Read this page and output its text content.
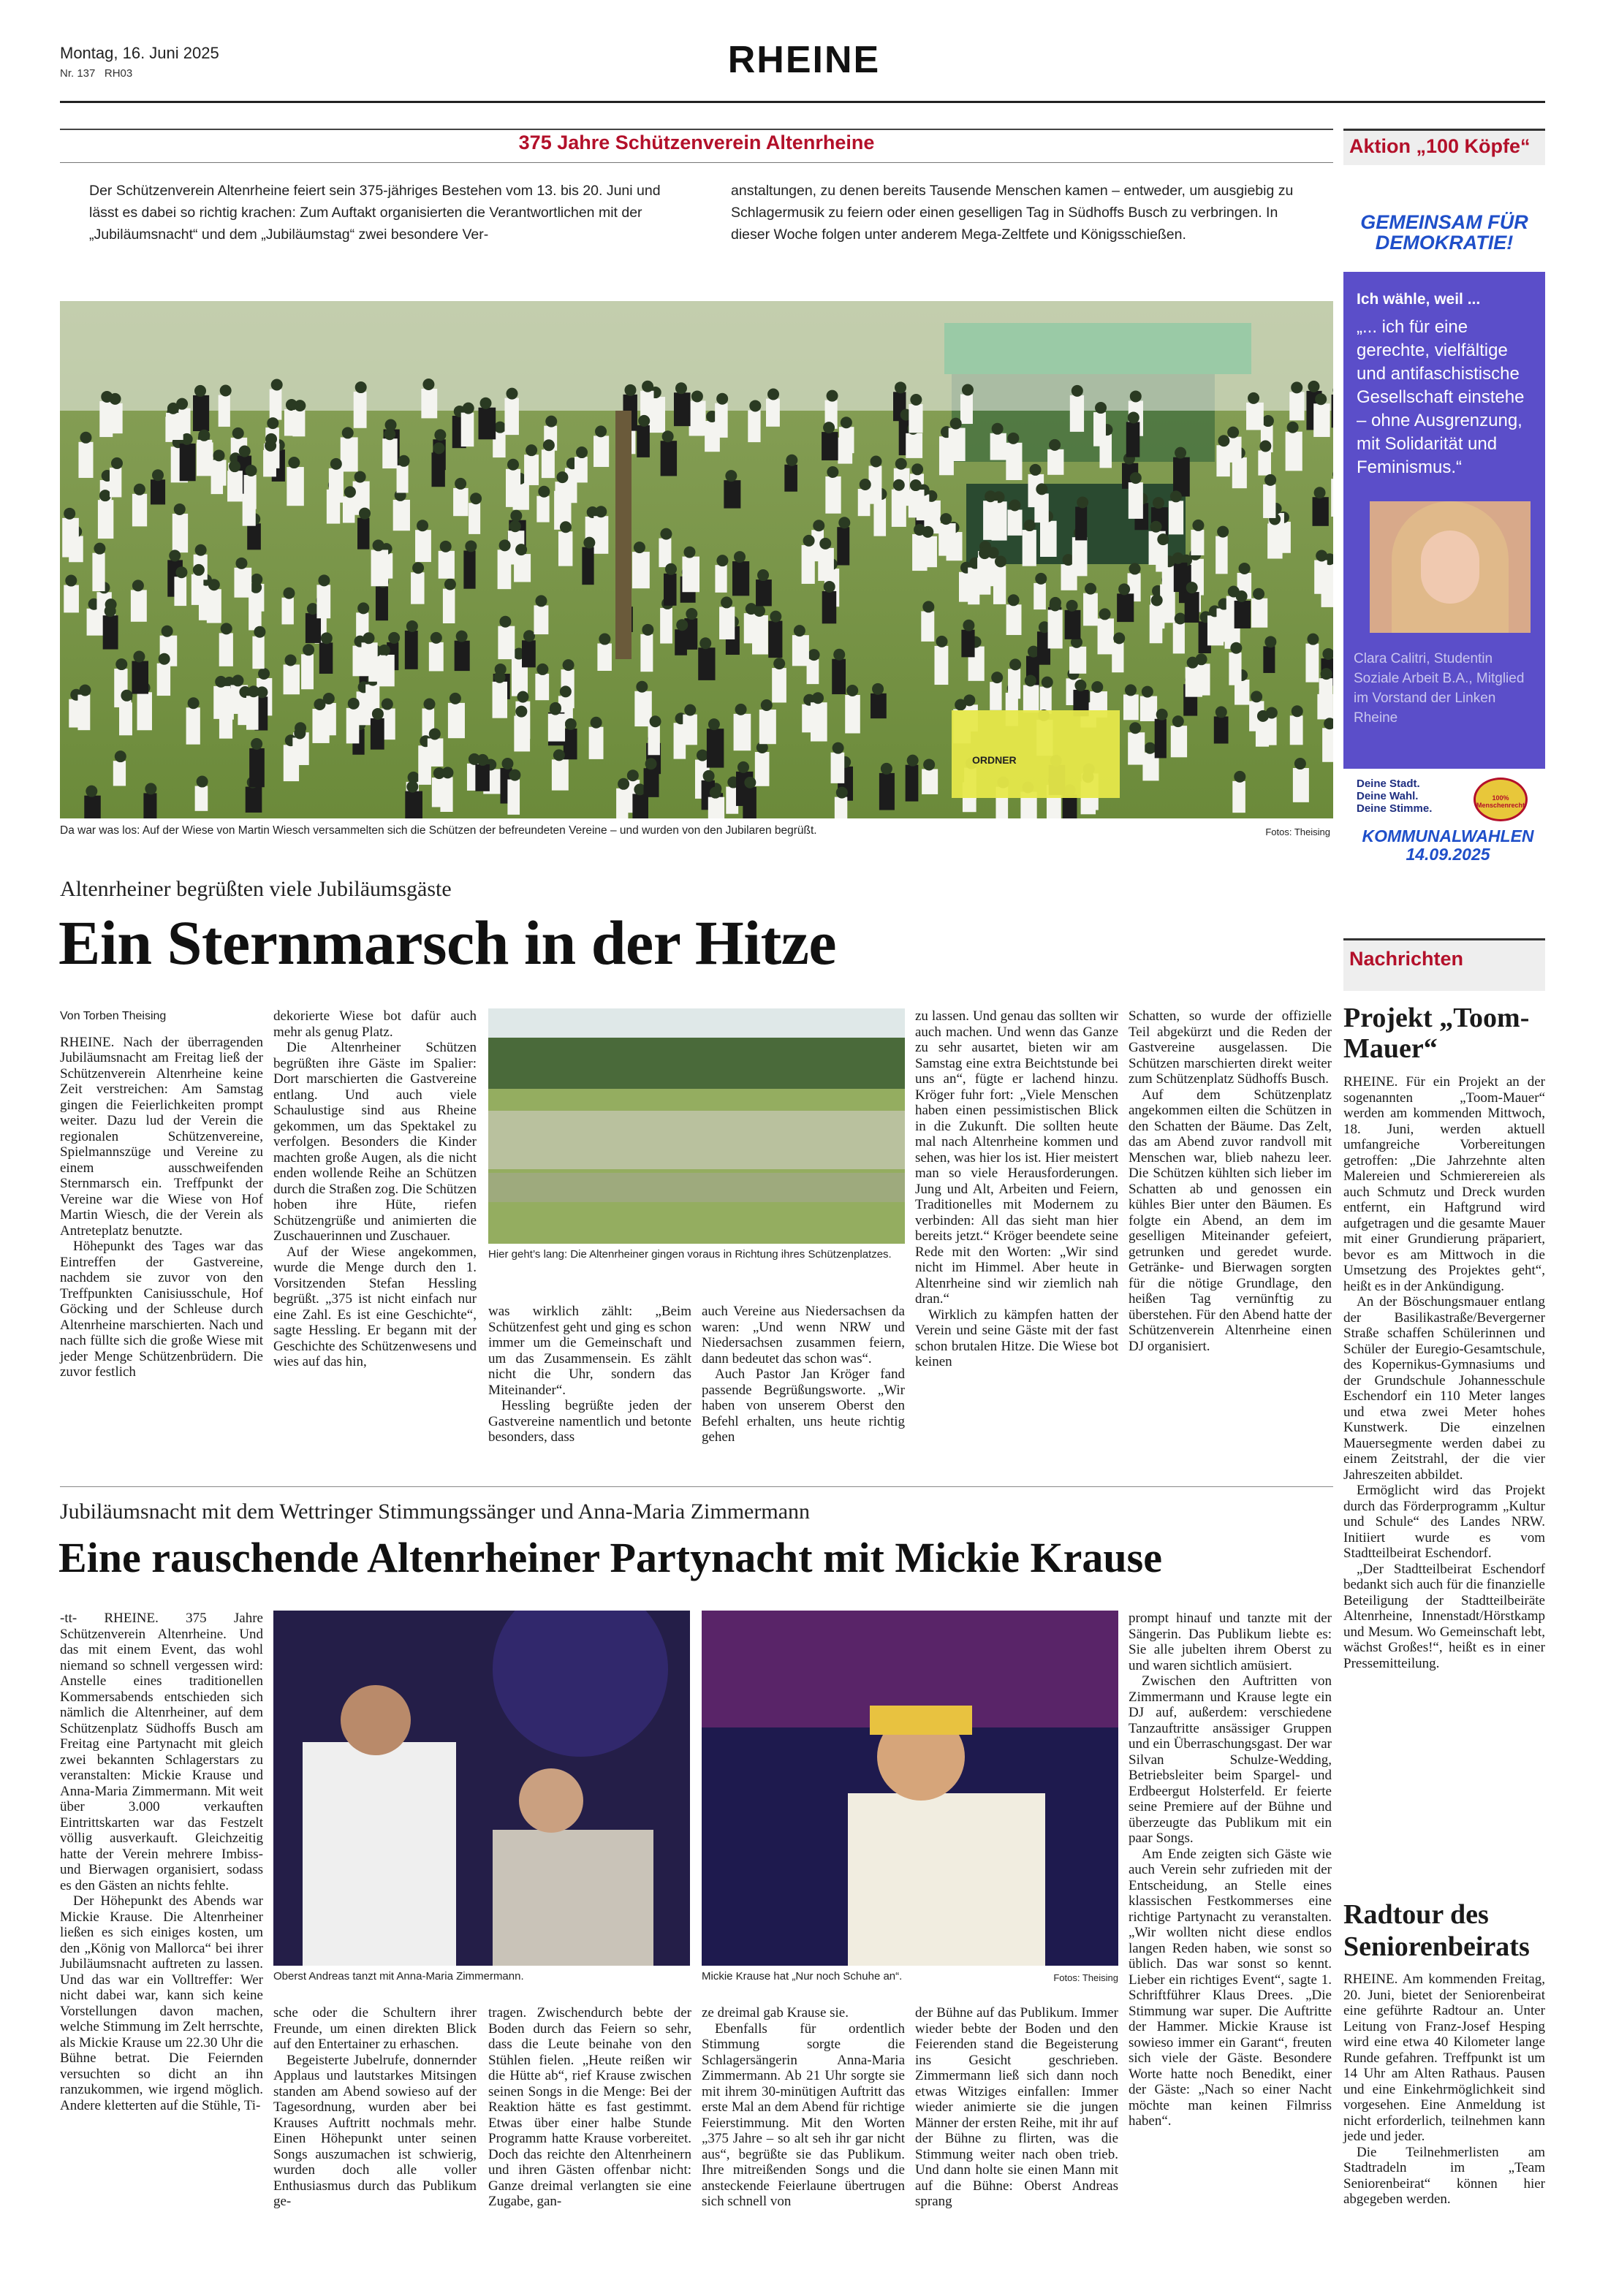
Montag, 16. Juni 2025
Nr. 137 RH03	RHEINE
375 Jahre Schützenverein Altenrheine
Der Schützenverein Altenrheine feiert sein 375-jähriges Bestehen vom 13. bis 20. Juni und lässt es dabei so richtig krachen: Zum Auftakt organisierten die Verantwortlichen mit der „Jubiläumsnacht“ und dem „Jubiläumstag“ zwei besondere Ver-
anstaltungen, zu denen bereits Tausende Menschen kamen – entweder, um ausgiebig zu Schlagermusik zu feiern oder einen geselligen Tag in Südhoffs Busch zu verbringen. In dieser Woche folgen unter anderem Mega-Zeltfete und Königsschießen.
ORDNER
Da war was los: Auf der Wiese von Martin Wiesch versammelten sich die Schützen der befreundeten Vereine – und wurden von den Jubilaren begrüßt.	Fotos: Theising
Altenrheiner begrüßten viele Jubiläumsgäste
Ein Sternmarsch in der Hitze

Von Torben Theising

RHEINE. Nach der überragenden Jubiläumsnacht am Freitag ließ der Schützenverein Altenrheine keine Zeit verstreichen: Am Samstag gingen die Feierlichkeiten prompt weiter. Dazu lud der Verein die regionalen Schützenvereine, Spielmannszüge und Vereine zu einem ausschweifenden Sternmarsch ein. Treffpunkt der Vereine war die Wiese von Hof Martin Wiesch, die der Verein als Antreteplatz benutzte.

Höhepunkt des Tages war das Eintreffen der Gastvereine, nachdem sie zuvor von den Treffpunkten Canisiusschule, Hof Göcking und der Schleuse durch Altenrheine marschierten. Nach und nach füllte sich die große Wiese mit jeder Menge Schützenbrüdern. Die zuvor festlich

dekorierte Wiese bot dafür auch mehr als genug Platz.

Die Altenrheiner Schützen begrüßten ihre Gäste im Spalier: Dort marschierten die Gastvereine entlang. Und auch viele Schaulustige sind aus Rheine gekommen, um das Spektakel zu verfolgen. Besonders die Kinder machten große Augen, als die nicht enden wollende Reihe an Schützen durch die Straßen zog. Die Schützen hoben ihre Hüte, riefen Schützengrüße und animierten die Zuschauerinnen und Zuschauer.

Auf der Wiese angekommen, wurde die Menge durch den 1. Vorsitzenden Stefan Hessling begrüßt. „375 ist nicht einfach nur eine Zahl. Es ist eine Geschichte“, sagte Hessling. Er begann mit der Geschichte des Schützenwesens und wies auf das hin,

Hier geht’s lang: Die Altenrheiner gingen voraus in Richtung ihres Schützenplatzes.

was wirklich zählt: „Beim Schützenfest geht und ging es schon immer um die Gemeinschaft und um das Zusammensein. Es zählt nicht die Uhr, sondern das Miteinander“.

Hessling begrüßte jeden der Gastvereine namentlich und betonte besonders, dass

auch Vereine aus Niedersachsen da waren: „Und wenn NRW und Niedersachsen zusammen feiern, dann bedeutet das schon was“.

Auch Pastor Jan Kröger fand passende Begrüßungsworte. „Wir haben von unserem Oberst den Befehl erhalten, uns heute richtig gehen

zu lassen. Und genau das sollten wir auch machen. Und wenn das Ganze zu sehr ausartet, bieten wir am Samstag eine extra Beichtstunde bei uns an“, fügte er lachend hinzu. Kröger fuhr fort: „Viele Menschen haben einen pessimistischen Blick in die Zukunft. Die sollten heute mal nach Altenrheine kommen und sehen, was hier los ist. Hier meistert man so viele Herausforderungen. Jung und Alt, Arbeiten und Feiern, Traditionelles mit Modernem zu verbinden: All das sieht man hier bereits jetzt.“ Kröger beendete seine Rede mit den Worten: „Wir sind nicht im Himmel. Aber heute in Altenrheine sind wir ziemlich nah dran.“

Wirklich zu kämpfen hatten der Verein und seine Gäste mit der fast schon brutalen Hitze. Die Wiese bot keinen

Schatten, so wurde der offizielle Teil abgekürzt und die Reden der Gastvereine ausgelassen. Die Schützen marschierten direkt weiter zum Schützenplatz Südhoffs Busch.

Auf dem Schützenplatz angekommen eilten die Schützen in den Schatten der Bäume. Das Zelt, das am Abend zuvor randvoll mit Menschen war, blieb nahezu leer. Die Schützen kühlten sich lieber im Schatten ab und genossen ein kühles Bier unter den Bäumen. Es folgte ein Abend, an dem im geselligen Miteinander gefeiert, getrunken und geredet wurde. Getränke- und Bierwagen sorgten für die nötige Grundlage, den heißen Tag vernünftig zu überstehen. Für den Abend hatte der Schützenverein Altenrheine einen DJ organisiert.

Jubiläumsnacht mit dem Wettringer Stimmungssänger und Anna-Maria Zimmermann
Eine rauschende Altenrheiner Partynacht mit Mickie Krause

-tt- RHEINE. 375 Jahre Schützenverein Altenrheine. Und das mit einem Event, das wohl niemand so schnell vergessen wird: Anstelle eines traditionellen Kommersabends entschieden sich nämlich die Altenrheiner, auf dem Schützenplatz Südhoffs Busch am Freitag eine Partynacht mit gleich zwei bekannten Schlagerstars zu veranstalten: Mickie Krause und Anna-Maria Zimmermann. Mit weit über 3.000 verkauften Eintrittskarten war das Festzelt völlig ausverkauft. Gleichzeitig hatte der Verein mehrere Imbiss- und Bierwagen organisiert, sodass es den Gästen an nichts fehlte.

Der Höhepunkt des Abends war Mickie Krause. Die Altenrheiner ließen es sich einiges kosten, um den „König von Mallorca“ bei ihrer Jubiläumsnacht auftreten zu lassen. Und das war ein Volltreffer: Wer nicht dabei war, kann sich keine Vorstellungen davon machen, welche Stimmung im Zelt herrschte, als Mickie Krause um 22.30 Uhr die Bühne betrat. Die Feiernden versuchten so dicht an ihn ranzukommen, wie irgend möglich. Andere kletterten auf die Stühle, Ti-

Oberst Andreas tanzt mit Anna-Maria Zimmermann.	Mickie Krause hat „Nur noch Schuhe an“.	Fotos: Theising

sche oder die Schultern ihrer Freunde, um einen direkten Blick auf den Entertainer zu erhaschen.

Begeisterte Jubelrufe, donnernder Applaus und lautstarkes Mitsingen standen am Abend sowieso auf der Tagesordnung, wurden aber bei Krauses Auftritt nochmals mehr. Einen Höhepunkt unter seinen Songs auszumachen ist schwierig, wurden doch alle voller Enthusiasmus durch das Publikum ge-

tragen. Zwischendurch bebte der Boden durch das Feiern so sehr, dass die Leute beinahe von den Stühlen fielen. „Heute reißen wir die Hütte ab“, rief Krause zwischen seinen Songs in die Menge: Bei der Reaktion hätte es fast gestimmt. Etwas über einer halbe Stunde Programm hatte Krause vorbereitet. Doch das reichte den Altenrheinern und ihren Gästen offenbar nicht: Ganze dreimal verlangten sie eine Zugabe, gan-

ze dreimal gab Krause sie.

Ebenfalls für ordentlich Stimmung sorgte die Schlagersängerin Anna-Maria Zimmermann. Ab 21 Uhr sorgte sie mit ihrem 30-minütigen Auftritt das erste Mal an dem Abend für richtige Feierstimmung. Mit den Worten „375 Jahre – so alt seh ihr gar nicht aus“, begrüßte sie das Publikum. Ihre mitreißenden Songs und die ansteckende Feierlaune übertrugen sich schnell von

der Bühne auf das Publikum. Immer wieder bebte der Boden und den Feierenden stand die Begeisterung ins Gesicht geschrieben. Zimmermann ließ sich dann noch etwas Witziges einfallen: Immer wieder animierte sie die jungen Männer der ersten Reihe, mit ihr auf der Bühne zu flirten, was die Stimmung weiter nach oben trieb. Und dann holte sie einen Mann mit auf die Bühne: Oberst Andreas sprang

prompt hinauf und tanzte mit der Sängerin. Das Publikum liebte es: Sie alle jubelten ihrem Oberst zu und waren sichtlich amüsiert.

Zwischen den Auftritten von Zimmermann und Krause legte ein DJ auf, außerdem: verschiedene Tanzauftritte ansässiger Gruppen und ein Überraschungsgast. Der war Silvan Schulze-Wedding, Betriebsleiter beim Spargel- und Erdbeergut Holsterfeld. Er feierte seine Premiere auf der Bühne und überzeugte das Publikum mit ein paar Songs.

Am Ende zeigten sich Gäste wie auch Verein sehr zufrieden mit der Entscheidung, an Stelle eines klassischen Festkommerses eine richtige Partynacht zu veranstalten. „Wir wollten nicht diese endlos langen Reden haben, wie sonst so üblich. Das war sonst so kennt. Lieber ein richtiges Event“, sagte 1. Schriftführer Klaus Drees. „Die Stimmung war super. Die Auftritte der Hammer. Mickie Krause ist sowieso immer ein Garant“, freuten sich viele der Gäste. Besondere Worte hatte noch Benedikt, einer der Gäste: „Nach so einer Nacht möchte man keinen Filmriss haben“.

Aktion „100 Köpfe“
GEMEINSAM FÜR
DEMOKRATIE!
Ich wähle, weil ...
„... ich für eine gerechte, vielfältige und antifaschistische Gesellschaft einstehe – ohne Ausgrenzung, mit Solidarität und Feminismus.“
Clara Calitri, Studentin Soziale Arbeit B.A., Mitglied im Vorstand der Linken Rheine
Deine Stadt.
Deine Wahl.
Deine Stimme.
100% Menschenrecht
KOMMUNALWAHLEN
14.09.2025
Nachrichten
Projekt „Toom-Mauer“

RHEINE. Für ein Projekt an der sogenannten „Toom-Mauer“ werden am kommenden Mittwoch, 18. Juni, werden aktuell umfangreiche Vorbereitungen getroffen: „Die Jahrzehnte alten Malereien und Schmierereien als auch Schmutz und Dreck wurden entfernt, ein Haftgrund wird aufgetragen und die gesamte Mauer mit einer Grundierung präpariert, bevor es am Mittwoch in die Umsetzung des Projektes geht“, heißt es in der Ankündigung.

An der Böschungsmauer entlang der Basilikastraße/Bevergerner Straße schaffen Schülerinnen und Schüler der Euregio-Gesamtschule, des Kopernikus-Gymnasiums und der Grundschule Johannesschule Eschendorf ein 110 Meter langes und etwa zwei Meter hohes Kunstwerk. Die einzelnen Mauersegmente werden dabei zu einem Zeitstrahl, der die vier Jahreszeiten abbildet.

Ermöglicht wird das Projekt durch das Förderprogramm „Kultur und Schule“ des Landes NRW. Initiiert wurde es vom Stadtteilbeirat Eschendorf.

„Der Stadtteilbeirat Eschendorf bedankt sich auch für die finanzielle Beteiligung der Stadtteilbeiräte Altenrheine, Innenstadt/Hörstkamp und Mesum. Wo Gemeinschaft lebt, wächst Großes!“, heißt es in einer Pressemitteilung.

Radtour des Seniorenbeirats

RHEINE. Am kommenden Freitag, 20. Juni, bietet der Seniorenbeirat eine geführte Radtour an. Unter Leitung von Franz-Josef Hesping wird eine etwa 40 Kilometer lange Runde gefahren. Treffpunkt ist um 14 Uhr am Alten Rathaus. Pausen und eine Einkehrmöglichkeit sind vorgesehen. Eine Anmeldung ist nicht erforderlich, teilnehmen kann jede und jeder.

Die Teilnehmerlisten am Stadtradeln im „Team Seniorenbeirat“ können hier abgegeben werden.
